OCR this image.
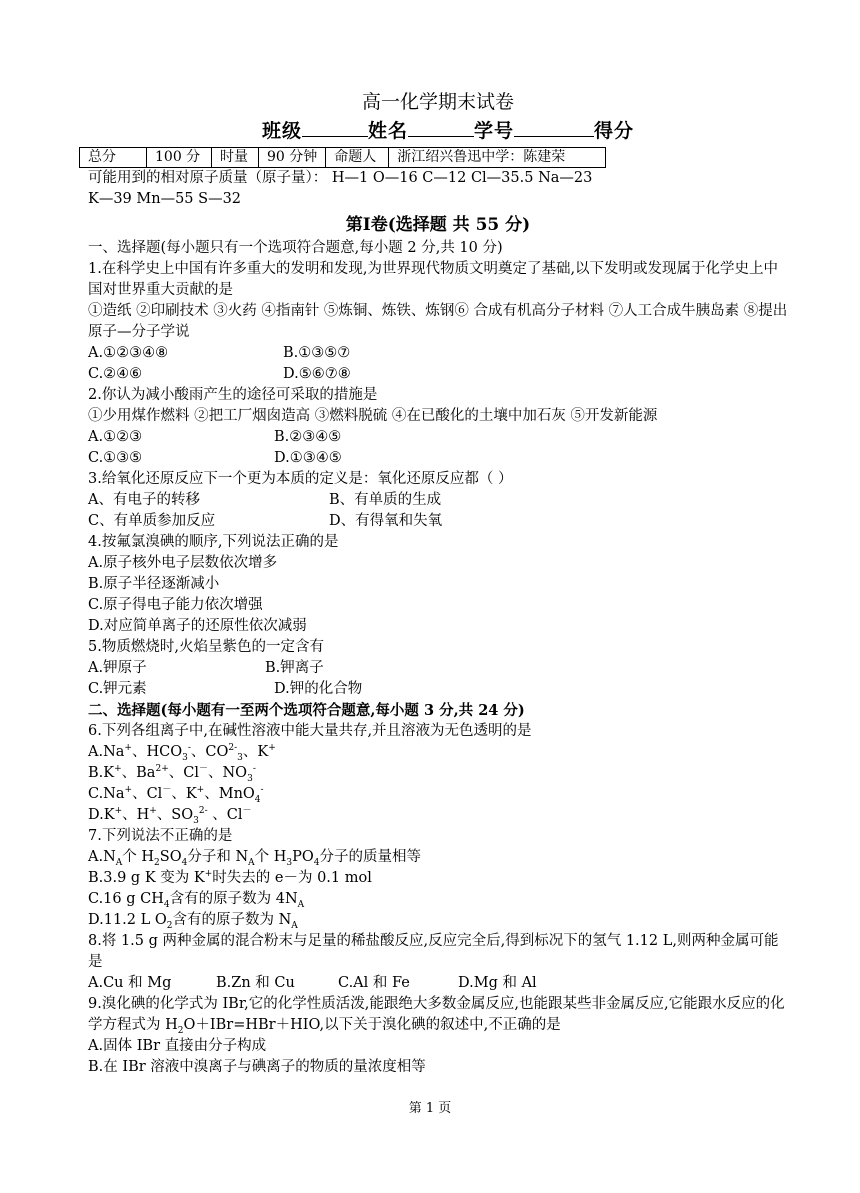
高一化学期末试卷
班级	姓名	学号	得分
总分	100 分	时量	90 分钟	命题人	浙江绍兴鲁迅中学：陈建荣
可能用到的相对原子质量（原子量）： H—1 O—16 C—12 Cl—35.5 Na—23
K—39 Mn—55 S—32
第Ⅰ卷(选择题 共 55 分)
一、选择题(每小题只有一个选项符合题意,每小题 2 分,共 10 分)
1.在科学史上中国有许多重大的发明和发现,为世界现代物质文明奠定了基础,以下发明或发现属于化学史上中国对世界重大贡献的是
①造纸 ②印刷技术 ③火药 ④指南针 ⑤炼铜、炼铁、炼钢⑥ 合成有机高分子材料 ⑦人工合成牛胰岛素 ⑧提出原子—分子学说
A.①②③④⑧	B.①③⑤⑦
C.②④⑥	D.⑤⑥⑦⑧
2.你认为减小酸雨产生的途径可采取的措施是
①少用煤作燃料 ②把工厂烟囱造高 ③燃料脱硫 ④在已酸化的土壤中加石灰 ⑤开发新能源
A.①②③	B.②③④⑤
C.①③⑤	D.①③④⑤
3.给氧化还原反应下一个更为本质的定义是：氧化还原反应都（ ）
A、有电子的转移	B、有单质的生成
C、有单质参加反应	D、有得氧和失氧
4.按氟氯溴碘的顺序,下列说法正确的是
A.原子核外电子层数依次增多
B.原子半径逐渐减小
C.原子得电子能力依次增强
D.对应简单离子的还原性依次减弱
5.物质燃烧时,火焰呈紫色的一定含有
A.钾原子	B.钾离子
C.钾元素	D.钾的化合物
二、选择题(每小题有一至两个选项符合题意,每小题 3 分,共 24 分)
6.下列各组离子中,在碱性溶液中能大量共存,并且溶液为无色透明的是
A.Na+、$HCO_3^-$、$CO^{2-}_3$、K+
B.K+、$Ba^{2+}$、Cl－、$NO_3^-$
C.Na+、Cl－、K+、MnO$_4$-
D.K+、H+、$SO_3^{2-}$ 、Cl－
7.下列说法不正确的是
$A.N_A$个 $H_2SO_4$分子和 $N_A$个 $H_3PO_4$分子的质量相等
B.3.9 g K 变为 K+时失去的 e－为 0.1 mol
C.16 g $CH_4$含有的原子数为 $4N_A$
D.11.2 L $O_2$含有的原子数为 $N_A$
8.将 1.5 g 两种金属的混合粉末与足量的稀盐酸反应,反应完全后,得到标况下的氢气 1.12 L,则两种金属可能是
A.Cu 和 Mg	B.Zn 和 Cu	C.Al 和 Fe	D.Mg 和 Al
9.溴化碘的化学式为 IBr,它的化学性质活泼,能跟绝大多数金属反应,也能跟某些非金属反应,它能跟水反应的化学方程式为 $H_2O+IBr=HBr+HIO$,以下关于溴化碘的叙述中,不正确的是
A.固体 IBr 直接由分子构成
B.在 IBr 溶液中溴离子与碘离子的物质的量浓度相等
第 1 页
